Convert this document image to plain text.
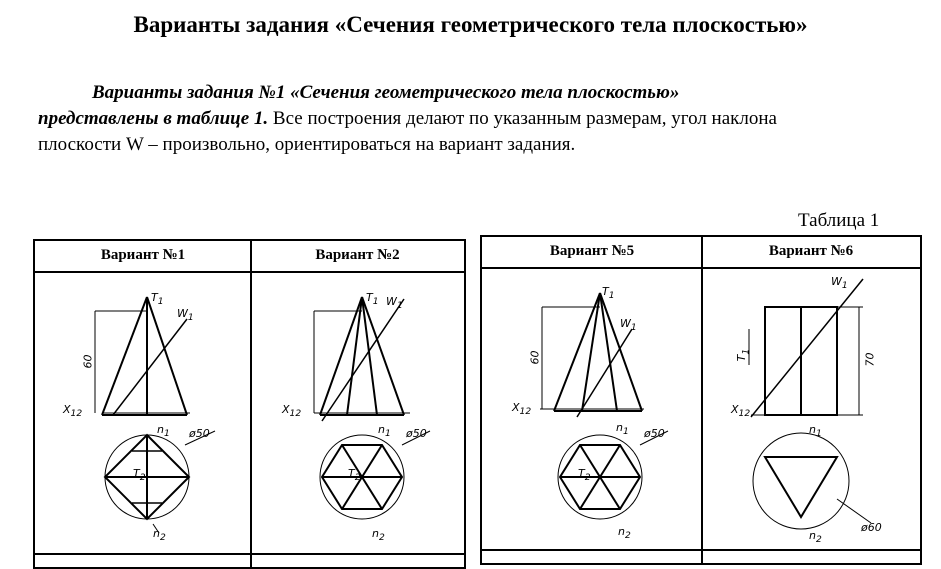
Варианты задания «Сечения геометрического тела плоскостью»
Варианты задания №1 «Сечения геометрического тела плоскостью»
представлены в таблице 1. Все построения делают по указанным размерам, угол наклона
плоскости W – произвольно, ориентироваться на вариант задания.
Таблица 1
Вариант №1	Вариант №2
$T_1$
$W_1$
60
$X_{12}$
$n_1$ ø50
$T_2$
$n_2$
$T_1$ $W_1$
$X_{12}$
$n_1$ ø50
$T_2$
$n_2$
Вариант №5	Вариант №6
$T_1$
$W_1$
60
$X_{12}$
$n_1$ ø50
$T_2$
$n_2$
$W_1$
$T_1$
70
$X_{12}$
$n_1$
$n_2$
ø60
